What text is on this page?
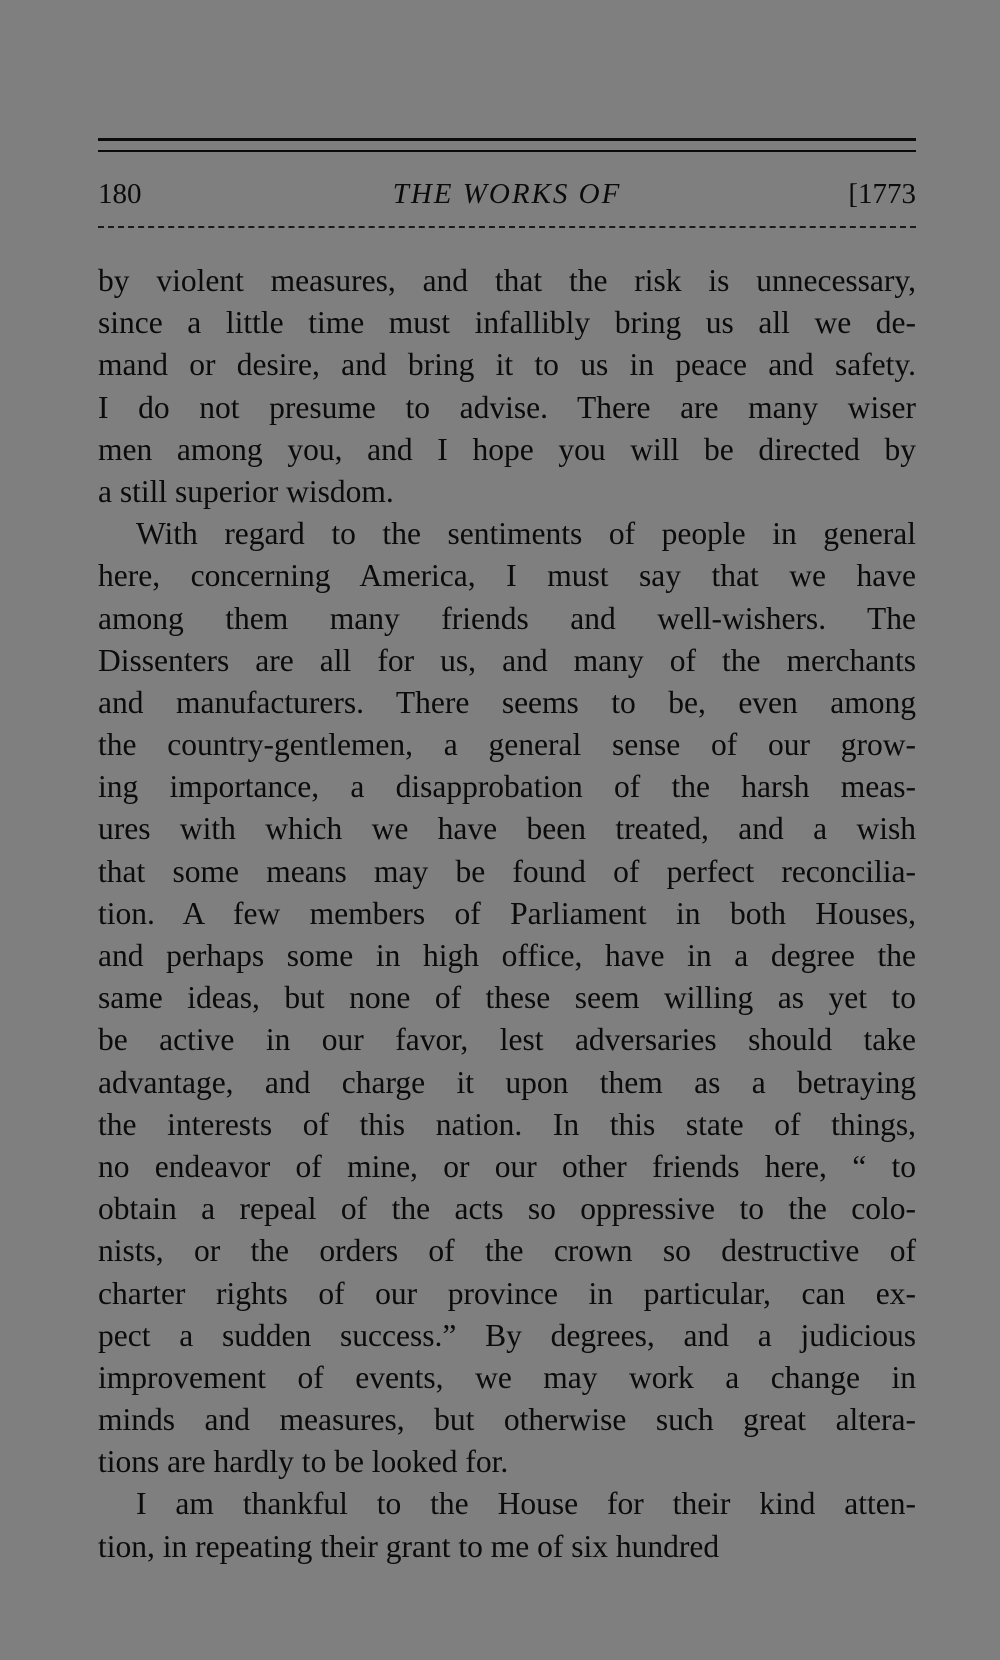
180	THE WORKS OF	[1773
by violent measures, and that the risk is unnecessary,
since a little time must infallibly bring us all we de-
mand or desire, and bring it to us in peace and safety.
I do not presume to advise. There are many wiser
men among you, and I hope you will be directed by
a still superior wisdom.
With regard to the sentiments of people in general
here, concerning America, I must say that we have
among them many friends and well-wishers. The
Dissenters are all for us, and many of the merchants
and manufacturers. There seems to be, even among
the country-gentlemen, a general sense of our grow-
ing importance, a disapprobation of the harsh meas-
ures with which we have been treated, and a wish
that some means may be found of perfect reconcilia-
tion. A few members of Parliament in both Houses,
and perhaps some in high office, have in a degree the
same ideas, but none of these seem willing as yet to
be active in our favor, lest adversaries should take
advantage, and charge it upon them as a betraying
the interests of this nation. In this state of things,
no endeavor of mine, or our other friends here, “ to
obtain a repeal of the acts so oppressive to the colo-
nists, or the orders of the crown so destructive of
charter rights of our province in particular, can ex-
pect a sudden success.” By degrees, and a judicious
improvement of events, we may work a change in
minds and measures, but otherwise such great altera-
tions are hardly to be looked for.
I am thankful to the House for their kind atten-
tion, in repeating their grant to me of six hundred
